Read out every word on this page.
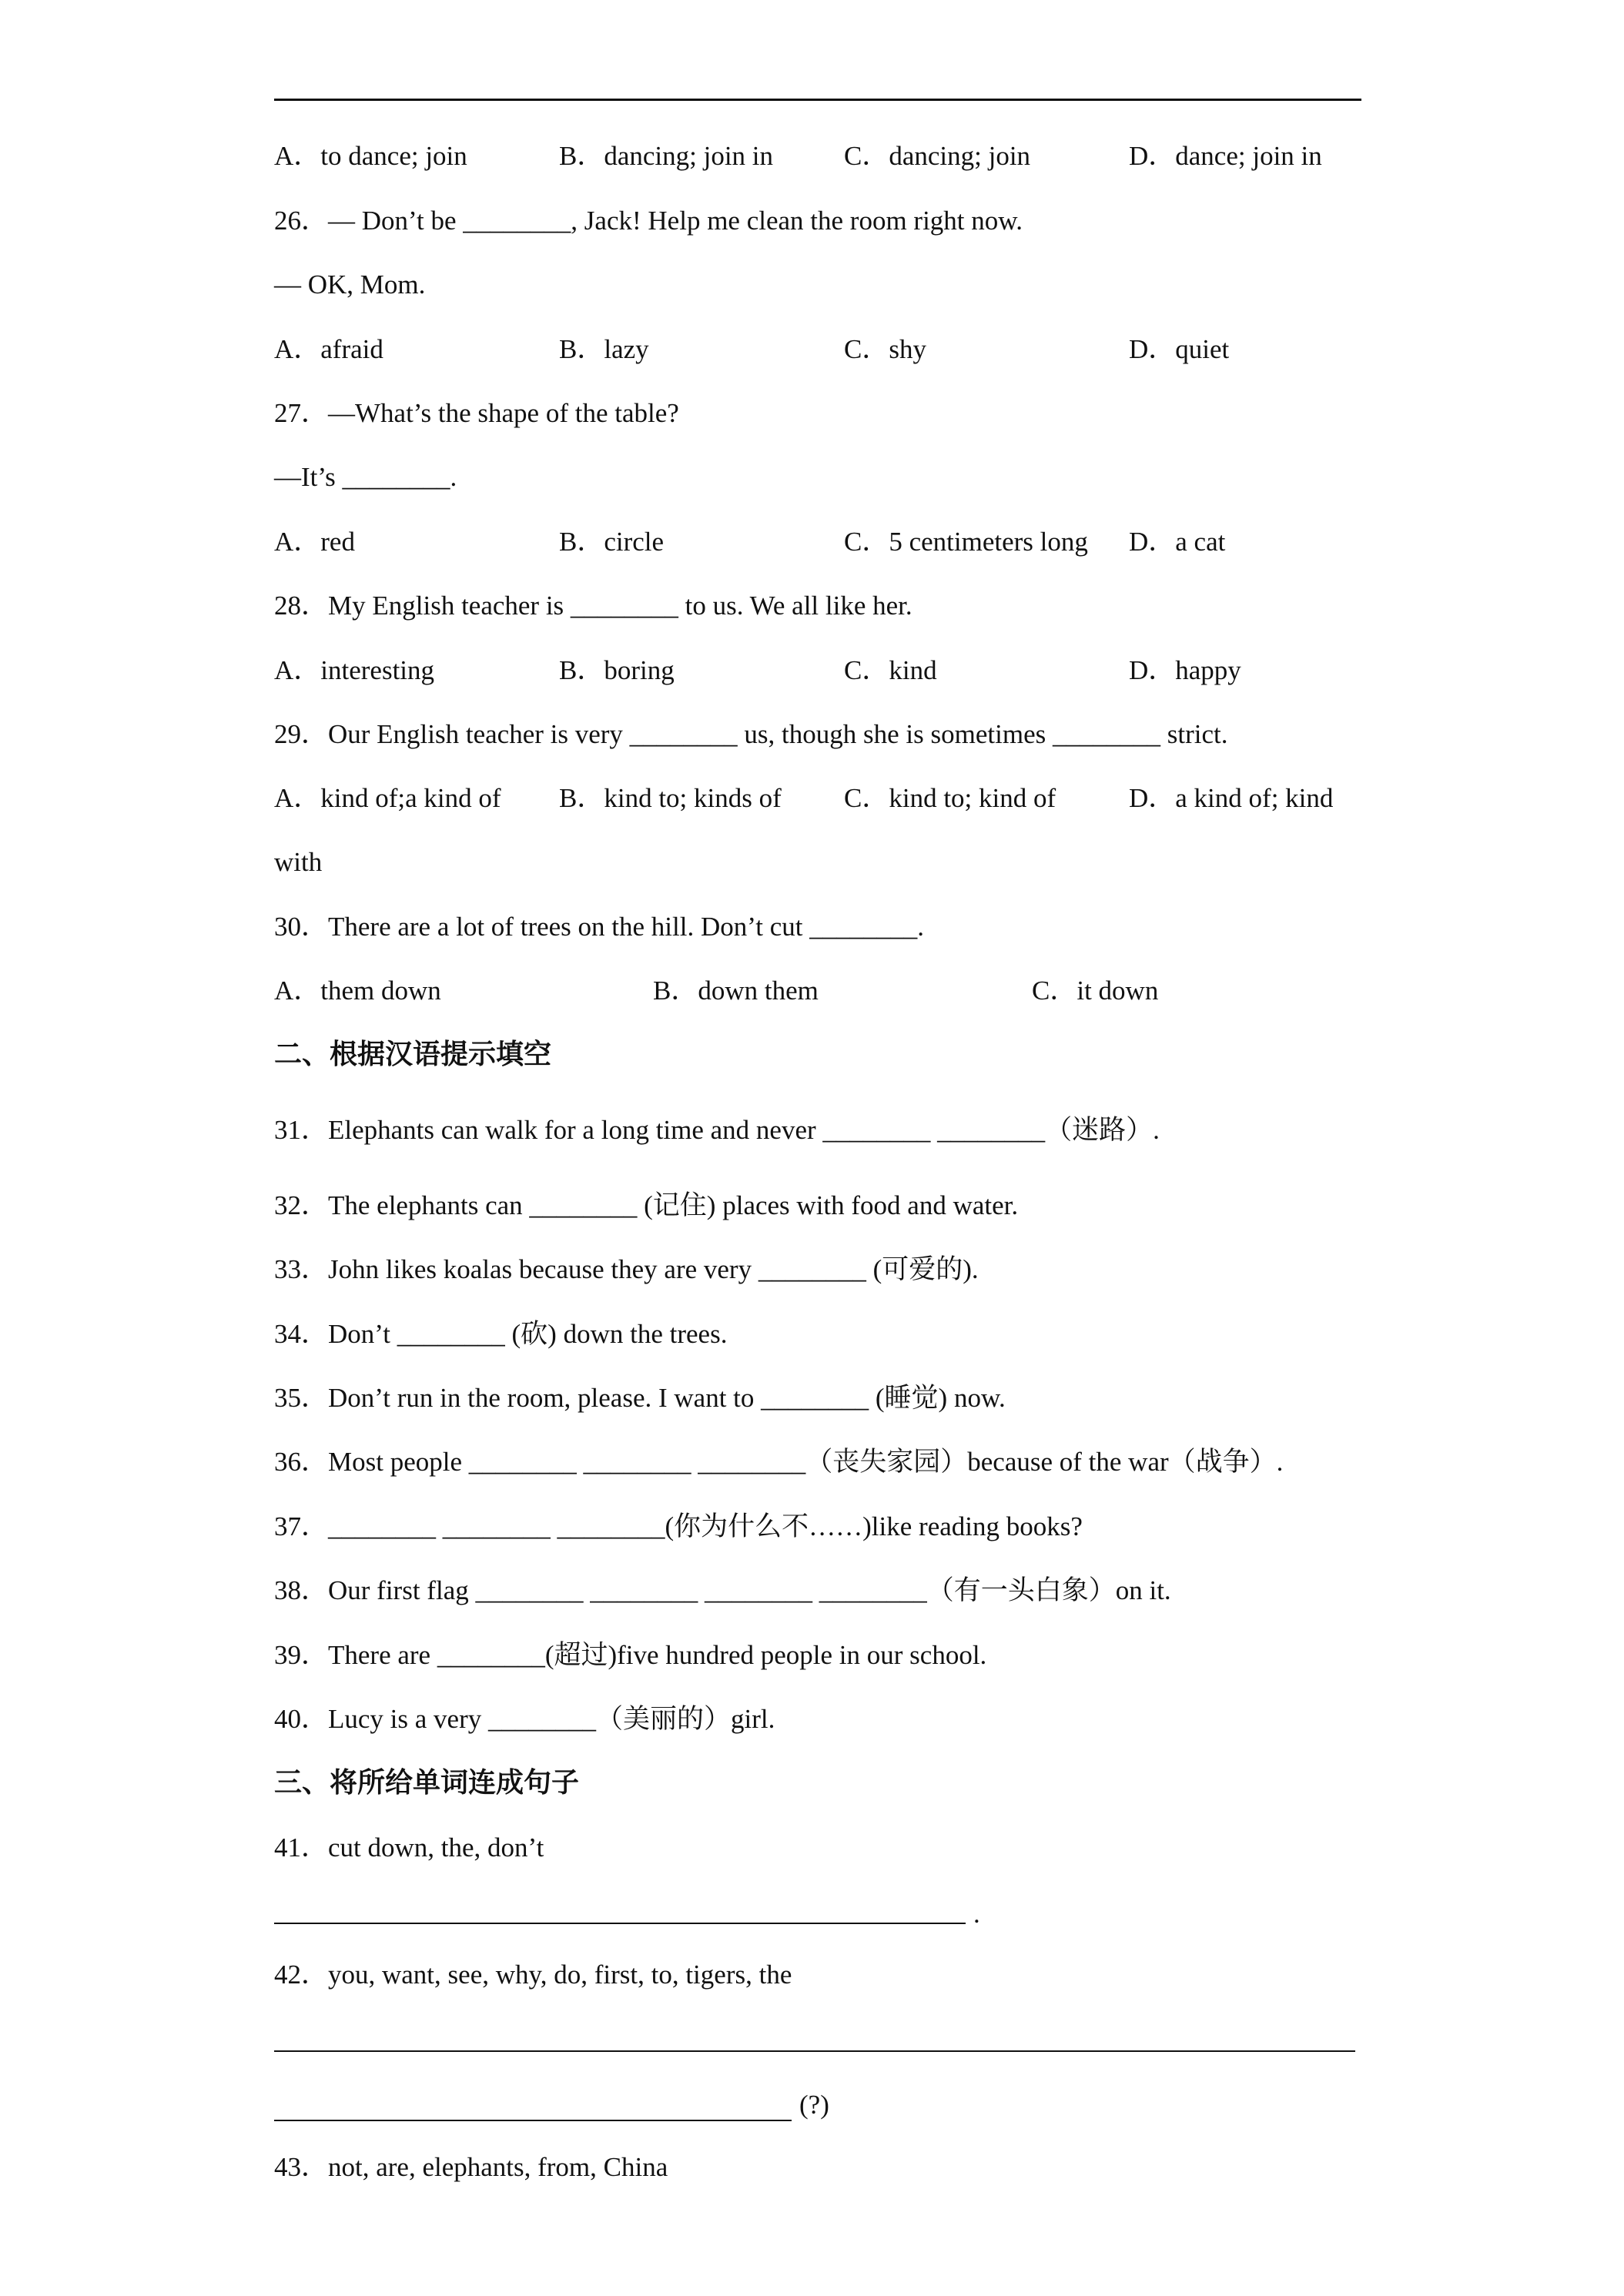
A．to dance; join	B．dancing; join in	C．dancing; join	D．dance; join in
26．— Don’t be ________, Jack! Help me clean the room right now.
— OK, Mom.
A．afraid	B．lazy	C．shy	D．quiet
27．—What’s the shape of the table?
—It’s ________.
A．red	B．circle	C．5 centimeters long D．a cat
28．My English teacher is ________ to us. We all like her.
A．interesting	B．boring	C．kind	D．happy
29．Our English teacher is very ________ us, though she is sometimes ________ strict.
A．kind of;a kind of B．kind to; kinds of C．kind to; kind of	D．a kind of; kind
with
30．There are a lot of trees on the hill. Don’t cut ________.
A．them down	B．down them	C．it down
二、根据汉语提示填空
31．Elephants can walk for a long time and never ________ ________（迷路）.
32．The elephants can ________ (记住) places with food and water.
33．John likes koalas because they are very ________ (可爱的).
34．Don’t ________ (砍) down the trees.
35．Don’t run in the room, please. I want to ________ (睡觉) now.
36．Most people ________ ________ ________（丧失家园）because of the war（战争）.
37．________ ________ ________(你为什么不……)like reading books?
38．Our first flag ________ ________ ________ ________（有一头白象）on it.
39．There are ________(超过)five hundred people in our school.
40．Lucy is a very ________（美丽的）girl.
三、将所给单词连成句子
41．cut down, the, don’t
.
42．you, want, see, why, do, first, to, tigers, the
(?)
43．not, are, elephants, from, China
